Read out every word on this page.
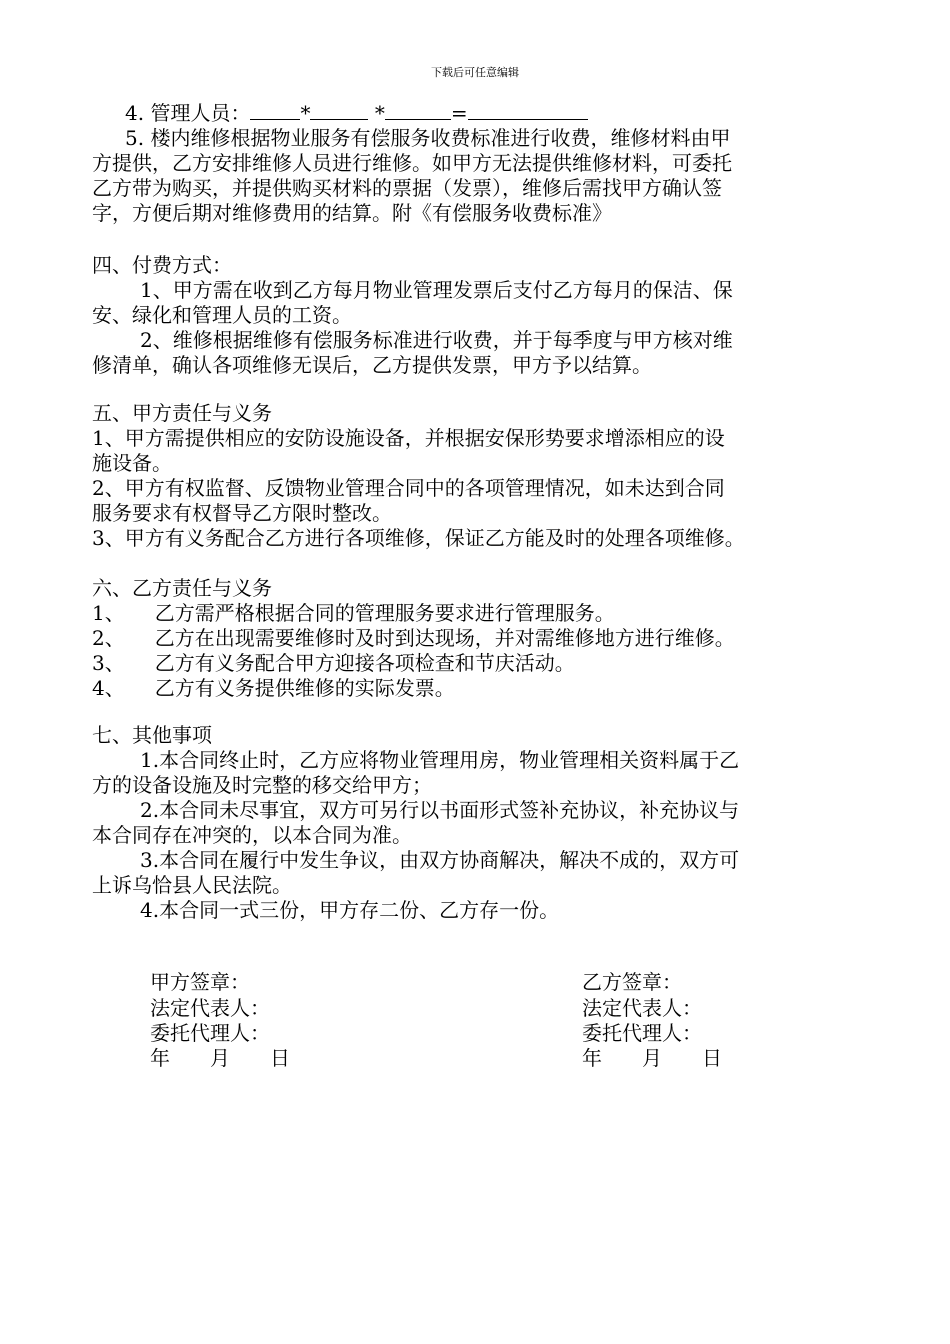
下载后可任意编辑
4. 管理人员：	*	*	=
5. 楼内维修根据物业服务有偿服务收费标准进行收费，维修材料由甲
方提供，乙方安排维修人员进行维修。如甲方无法提供维修材料，可委托
乙方带为购买，并提供购买材料的票据（发票），维修后需找甲方确认签
字，方便后期对维修费用的结算。附《有偿服务收费标准》
四、付费方式：
1、甲方需在收到乙方每月物业管理发票后支付乙方每月的保洁、保
安、绿化和管理人员的工资。
2、维修根据维修有偿服务标准进行收费，并于每季度与甲方核对维
修清单，确认各项维修无误后，乙方提供发票，甲方予以结算。
五、甲方责任与义务
1、甲方需提供相应的安防设施设备，并根据安保形势要求增添相应的设
施设备。
2、甲方有权监督、反馈物业管理合同中的各项管理情况，如未达到合同
服务要求有权督导乙方限时整改。
3、甲方有义务配合乙方进行各项维修，保证乙方能及时的处理各项维修。
六、乙方责任与义务
1、 乙方需严格根据合同的管理服务要求进行管理服务。
2、 乙方在出现需要维修时及时到达现场，并对需维修地方进行维修。
3、 乙方有义务配合甲方迎接各项检查和节庆活动。
4、 乙方有义务提供维修的实际发票。
七、其他事项
1.本合同终止时，乙方应将物业管理用房，物业管理相关资料属于乙
方的设备设施及时完整的移交给甲方；
2.本合同未尽事宜，双方可另行以书面形式签补充协议，补充协议与
本合同存在冲突的，以本合同为准。
3.本合同在履行中发生争议，由双方协商解决，解决不成的，双方可
上诉乌恰县人民法院。
4.本合同一式三份，甲方存二份、乙方存一份。
甲方签章：
法定代表人：
委托代理人：
年　　月　　日
乙方签章：
法定代表人：
委托代理人：
年　　月　　日
